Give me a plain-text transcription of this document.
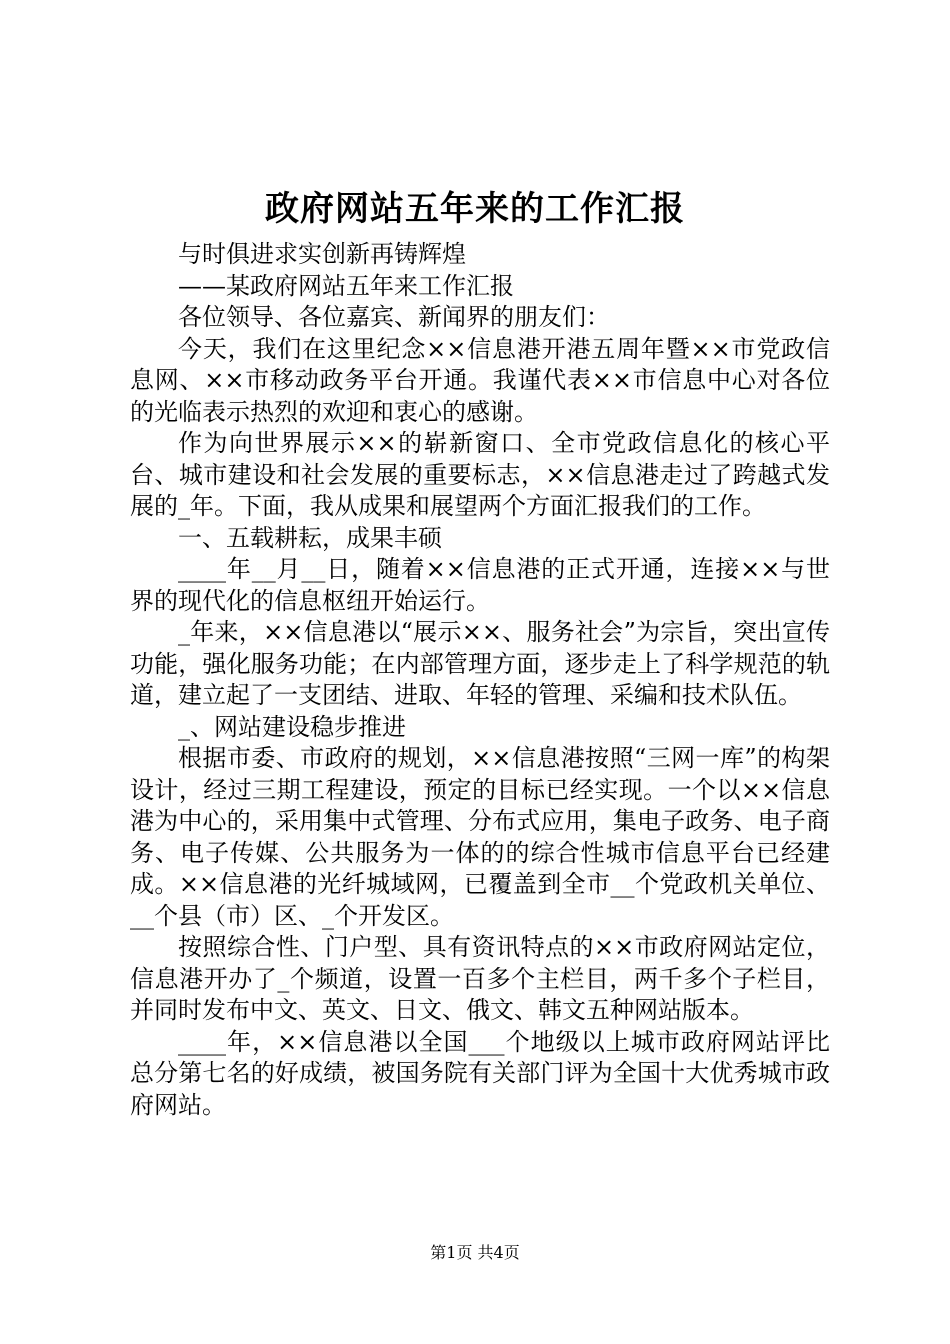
政府网站五年来的工作汇报

与时俱进求实创新再铸辉煌

——某政府网站五年来工作汇报

各位领导、各位嘉宾、新闻界的朋友们：

今天，我们在这里纪念××信息港开港五周年暨××市党政信息网、××市移动政务平台开通。我谨代表××市信息中心对各位的光临表示热烈的欢迎和衷心的感谢。

作为向世界展示××的崭新窗口、全市党政信息化的核心平台、城市建设和社会发展的重要标志，××信息港走过了跨越式发展的_年。下面，我从成果和展望两个方面汇报我们的工作。

一、五载耕耘，成果丰硕

____年__月__日，随着××信息港的正式开通，连接××与世界的现代化的信息枢纽开始运行。

_年来，××信息港以“展示××、服务社会”为宗旨，突出宣传功能，强化服务功能；在内部管理方面，逐步走上了科学规范的轨道，建立起了一支团结、进取、年轻的管理、采编和技术队伍。

_、网站建设稳步推进

根据市委、市政府的规划，××信息港按照“三网一库”的构架设计，经过三期工程建设，预定的目标已经实现。一个以××信息港为中心的，采用集中式管理、分布式应用，集电子政务、电子商务、电子传媒、公共服务为一体的的综合性城市信息平台已经建成。××信息港的光纤城域网，已覆盖到全市__个党政机关单位、__个县（市）区、_个开发区。

按照综合性、门户型、具有资讯特点的××市政府网站定位，信息港开办了_个频道，设置一百多个主栏目，两千多个子栏目，并同时发布中文、英文、日文、俄文、韩文五种网站版本。

____年，××信息港以全国___个地级以上城市政府网站评比总分第七名的好成绩，被国务院有关部门评为全国十大优秀城市政府网站。

第1页 共4页
